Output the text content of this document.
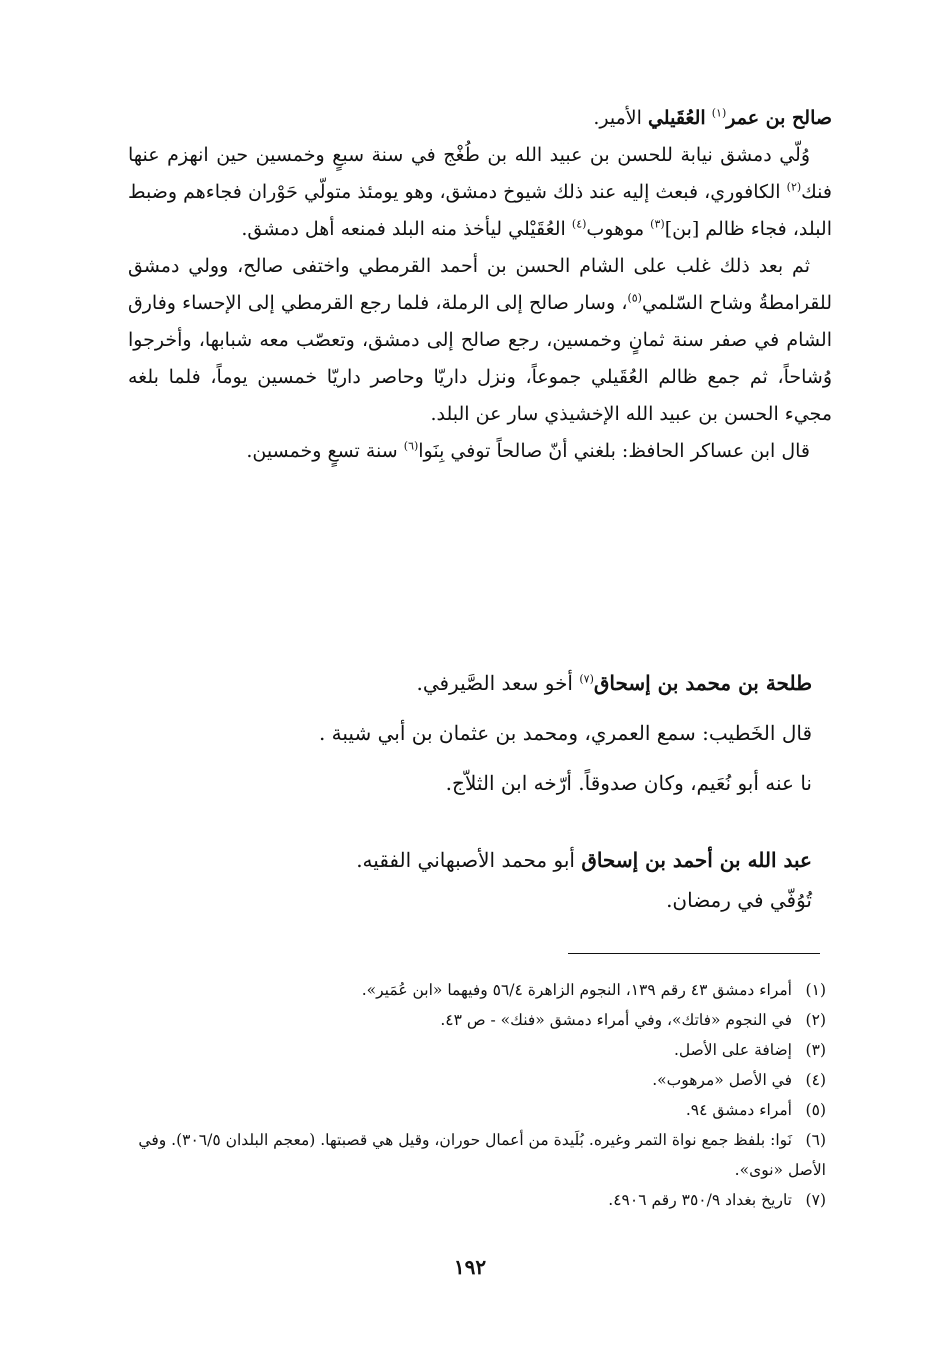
صالح بن عمر$^{(١)}$ العُقَيلي الأمير.

وُلّي دمشق نيابة للحسن بن عبيد الله بن طُغْج في سنة سبعٍ وخمسين حين انهزم عنها فنك$^{(٢)}$ الكافوري، فبعث إليه عند ذلك شيوخ دمشق، وهو يومئذ متولّي حَوْران فجاءهم وضبط البلد، فجاء ظالم [بن]$^{(٣)}$ موهوب$^{(٤)}$ العُقَيْلي ليأخذ منه البلد فمنعه أهل دمشق.

ثم بعد ذلك غلب على الشام الحسن بن أحمد القرمطي واختفى صالح، وولي دمشق للقرامطةُ وشاح السّلمي$^{(٥)}$، وسار صالح إلى الرملة، فلما رجع القرمطي إلى الإحساء وفارق الشام في صفر سنة ثمانٍ وخمسين، رجع صالح إلى دمشق، وتعصّب معه شبابها، وأخرجوا وُشاحاً، ثم جمع ظالم العُقَيلي جموعاً، ونزل داريّا وحاصر داريّا خمسين يوماً، فلما بلغه مجيء الحسن بن عبيد الله الإخشيذي سار عن البلد.

قال ابن عساكر الحافظ: بلغني أنّ صالحاً توفي بِنَوا$^{(٦)}$ سنة تسعٍ وخمسين.

طلحة بن محمد بن إسحاق$^{(٧)}$ أخو سعد الصَّيرفي.

قال الخَطيب: سمع العمري، ومحمد بن عثمان بن أبي شيبة .

نا عنه أبو نُعَيم، وكان صدوقاً. أرّخه ابن الثلاّج.

عبد الله بن أحمد بن إسحاق أبو محمد الأصبهاني الفقيه.

تُوُفّي في رمضان.

(١)أمراء دمشق ٤٣ رقم ١٣٩، النجوم الزاهرة ٥٦/٤ وفيهما «ابن عُمَير».

(٢)في النجوم «فاتك»، وفي أمراء دمشق «فنك» - ص ٤٣.

(٣)إضافة على الأصل.

(٤)في الأصل «مرهوب».

(٥)أمراء دمشق ٩٤.

(٦)نَوا: بلفظ جمع نواة التمر وغيره. بُلَيدة من أعمال حوران، وقيل هي قصبتها. (معجم البلدان ٣٠٦/٥). وفي الأصل «نوى».

(٧)تاريخ بغداد ٣٥٠/٩ رقم ٤٩٠٦.

١٩٢
